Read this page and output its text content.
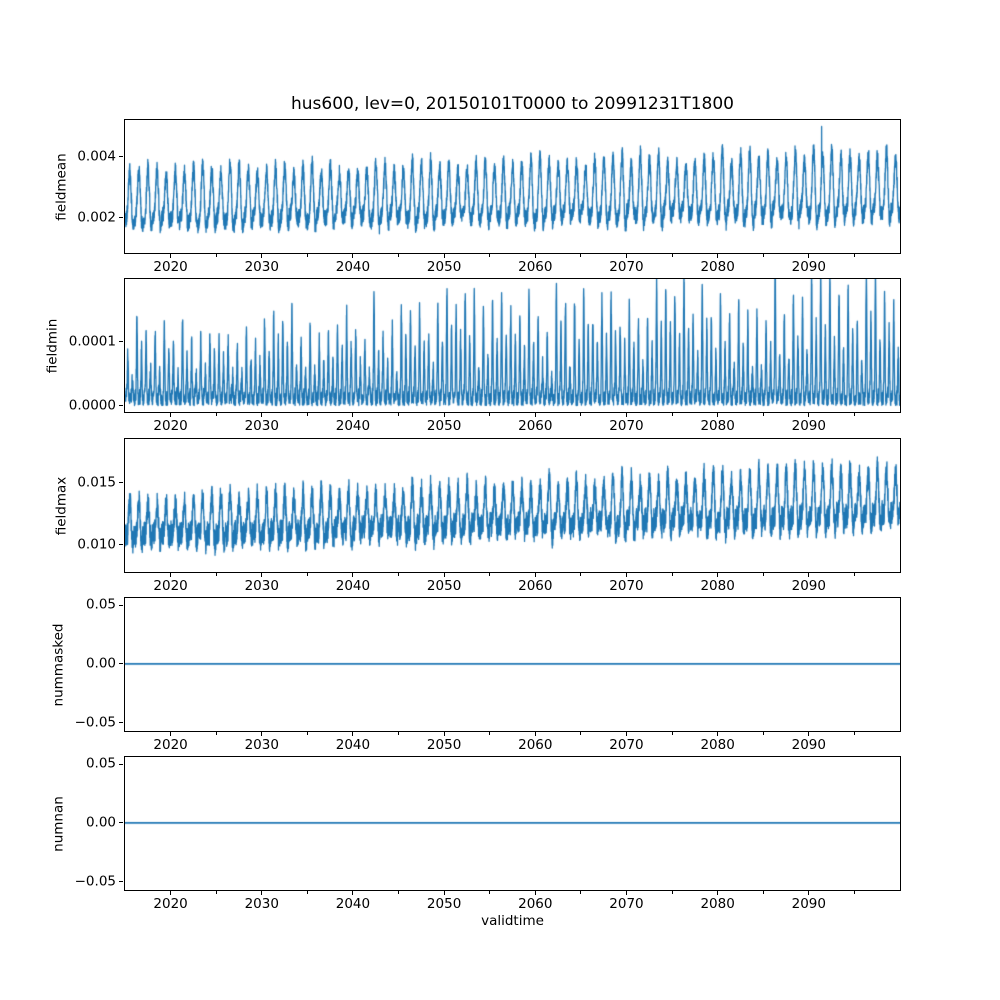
hus600, lev=0, 20150101T0000 to 20991231T1800
fieldmean
fieldmin
fieldmax
nummasked
numnan
validtime
2020	2030	2040	2050	2060	2070	2080	2090
0.002
0.004
2020	2030	2040	2050	2060	2070	2080	2090
0.0000
0.0001
2020	2030	2040	2050	2060	2070	2080	2090
0.010
0.015
2020	2030	2040	2050	2060	2070	2080	2090
−0.05
0.00
0.05
2020	2030	2040	2050	2060	2070	2080	2090
−0.05
0.00
0.05
